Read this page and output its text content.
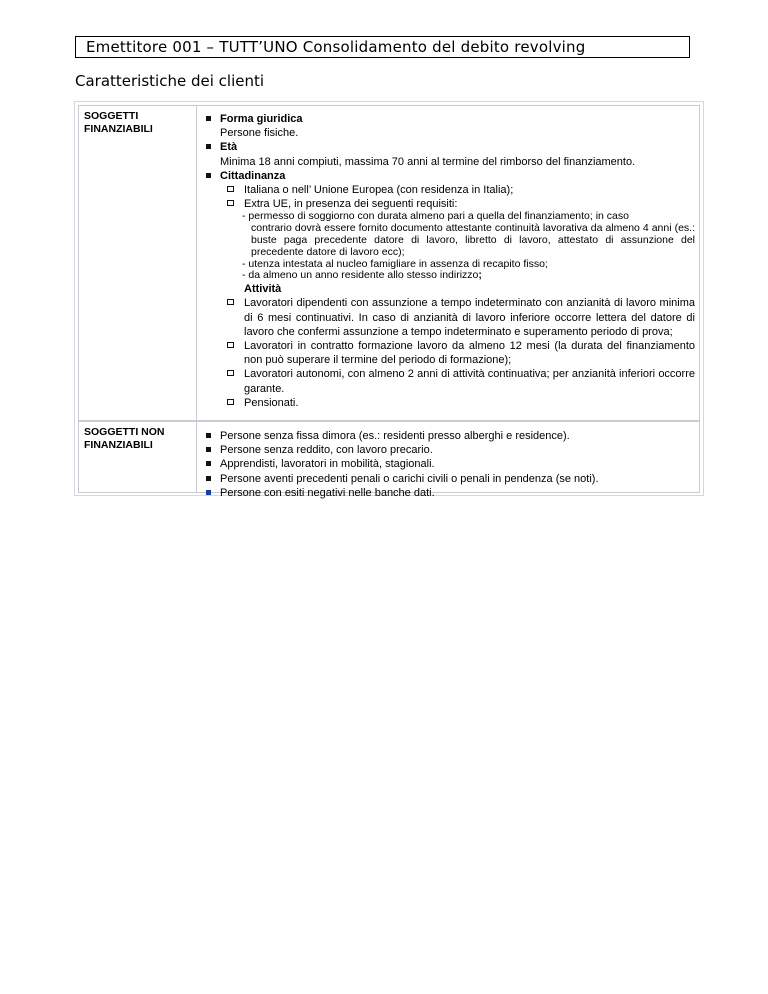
Emettitore 001 – TUTT’UNO Consolidamento del debito revolving
Caratteristiche dei clienti
SOGGETTI
FINANZIABILI
Forma giuridica
Persone fisiche.
Età
Minima 18 anni compiuti, massima 70 anni al termine del rimborso del finanziamento.
Cittadinanza
Italiana o nell’ Unione Europea (con residenza in Italia);
Extra UE, in presenza dei seguenti requisiti:
- permesso di soggiorno con durata almeno pari a quella del finanziamento; in caso
contrario dovrà essere fornito documento attestante continuità lavorativa da almeno 4 anni (es.: buste paga precedente datore di lavoro, libretto di lavoro, attestato di assunzione del precedente datore di lavoro ecc);
- utenza intestata al nucleo famigliare in assenza di recapito fisso;
- da almeno un anno residente allo stesso indirizzo;
Attività
Lavoratori dipendenti con assunzione a tempo indeterminato con anzianità di lavoro minima di 6 mesi continuativi. In caso di anzianità di lavoro inferiore occorre lettera del datore di lavoro che confermi assunzione a tempo indeterminato e superamento periodo di prova;
Lavoratori in contratto formazione lavoro da almeno 12 mesi (la durata del finanziamento non può superare il termine del periodo di formazione);
Lavoratori autonomi, con almeno 2 anni di attività continuativa; per anzianità inferiori occorre garante.
Pensionati.
SOGGETTI NON
FINANZIABILI
Persone senza fissa dimora (es.: residenti presso alberghi e residence).
Persone senza reddito, con lavoro precario.
Apprendisti, lavoratori in mobilità, stagionali.
Persone aventi precedenti penali o carichi civili o penali in pendenza (se noti).
Persone con esiti negativi nelle banche dati.
